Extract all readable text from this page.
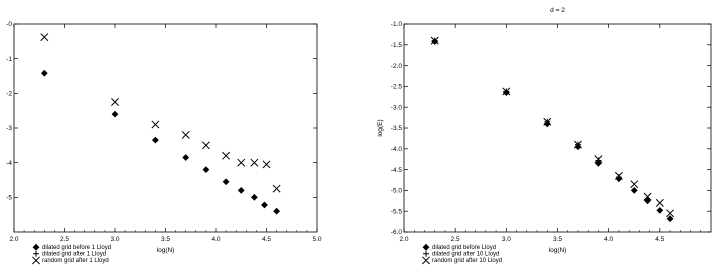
2.0	2.5	3.0	3.5	4.0	4.5	5.0
-0
-1
-2
-3
-4
-5
log(N)
dilated grid before 1 Lloyd
dilated grid after 1 Lloyd
random grid after 1 Lloyd
2.0	2.5	3.0	3.5	4.0	4.5
-1.0
-1.5
-2.0
-2.5
-3.0
-3.5
-4.0
-4.5
-5.0
-5.5
-6.0
log(N)
log(E)
d = 2
dilated grid before Lloyd
dilated grid after 10 Lloyd
random grid after 10 Lloyd
